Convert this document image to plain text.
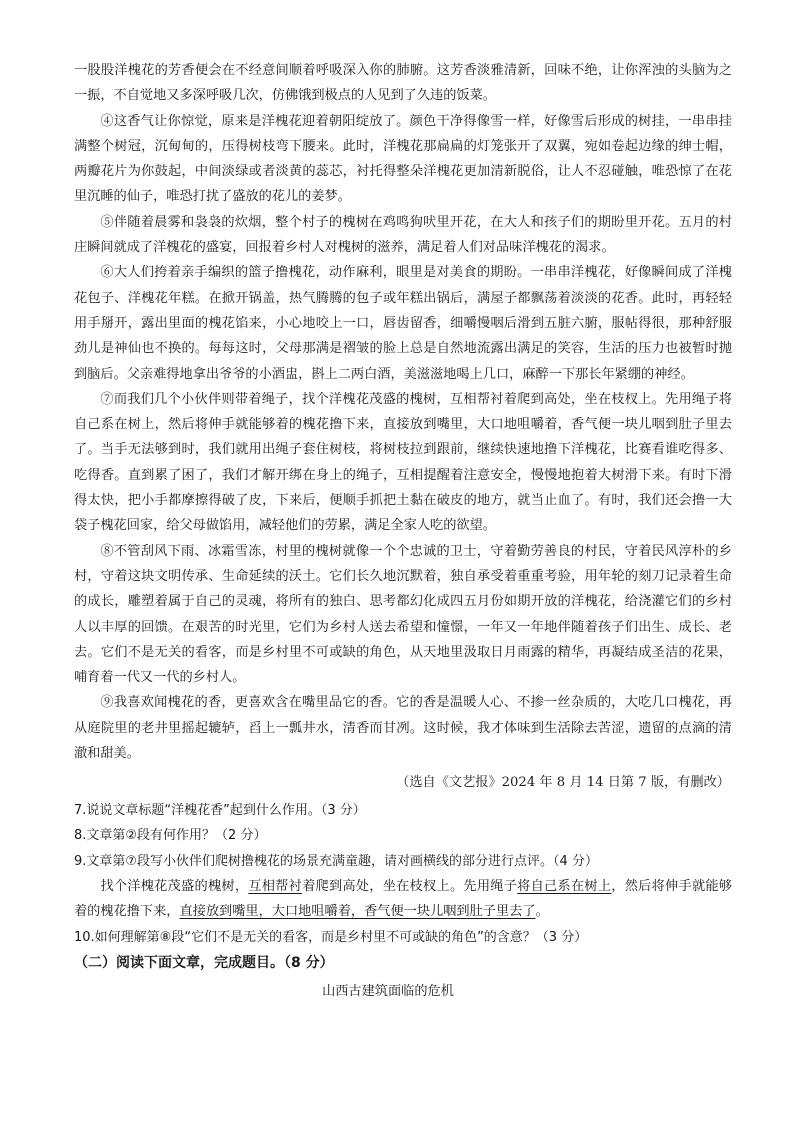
一股股洋槐花的芳香便会在不经意间顺着呼吸深入你的肺腑。这芳香淡雅清新，回味不绝，让你浑浊的头脑为之一振，不自觉地又多深呼吸几次，仿佛饿到极点的人见到了久违的饭菜。

④这香气让你惊觉，原来是洋槐花迎着朝阳绽放了。颜色干净得像雪一样，好像雪后形成的树挂，一串串挂满整个树冠，沉甸甸的，压得树枝弯下腰来。此时，洋槐花那扁扁的灯笼张开了双翼，宛如卷起边缘的绅士帽，两瓣花片为你鼓起，中间淡绿或者淡黄的蕊芯，衬托得整朵洋槐花更加清新脱俗，让人不忍碰触，唯恐惊了在花里沉睡的仙子，唯恐打扰了盛放的花儿的姜梦。

⑤伴随着晨雾和袅袅的炊烟，整个村子的槐树在鸡鸣狗吠里开花，在大人和孩子们的期盼里开花。五月的村庄瞬间就成了洋槐花的盛宴，回报着乡村人对槐树的滋养，满足着人们对品味洋槐花的渴求。

⑥大人们挎着亲手编织的篮子撸槐花，动作麻利，眼里是对美食的期盼。一串串洋槐花，好像瞬间成了洋槐花包子、洋槐花年糕。在掀开锅盖，热气腾腾的包子或年糕出锅后，满屋子都飘荡着淡淡的花香。此时，再轻轻用手掰开，露出里面的槐花馅来，小心地咬上一口，唇齿留香，细嚼慢咽后滑到五脏六腑，服帖得很，那种舒服劲儿是神仙也不换的。每每这时，父母那满是褶皱的脸上总是自然地流露出满足的笑容，生活的压力也被暂时抛到脑后。父亲难得地拿出爷爷的小酒盅，斟上二两白酒，美滋滋地喝上几口，麻醉一下那长年紧绷的神经。

⑦而我们几个小伙伴则带着绳子，找个洋槐花茂盛的槐树，互相帮衬着爬到高处，坐在枝杈上。先用绳子将自己系在树上，然后将伸手就能够着的槐花撸下来，直接放到嘴里，大口地咀嚼着，香气便一块儿咽到肚子里去了。当手无法够到时，我们就用出绳子套住树枝，将树枝拉到跟前，继续快速地撸下洋槐花，比赛看谁吃得多、吃得香。直到累了困了，我们才解开绑在身上的绳子，互相提醒着注意安全，慢慢地抱着大树滑下来。有时下滑得太快，把小手都摩擦得破了皮，下来后，便顺手抓把土黏在破皮的地方，就当止血了。有时，我们还会撸一大袋子槐花回家，给父母做馅用，减轻他们的劳累，满足全家人吃的欲望。

⑧不管刮风下雨、冰霜雪冻，村里的槐树就像一个个忠诚的卫士，守着勤劳善良的村民，守着民风淳朴的乡村，守着这块文明传承、生命延续的沃土。它们长久地沉默着，独自承受着重重考验，用年轮的刻刀记录着生命的成长，雕塑着属于自己的灵魂，将所有的独白、思考都幻化成四五月份如期开放的洋槐花，给浇灌它们的乡村人以丰厚的回馈。在艰苦的时光里，它们为乡村人送去希望和憧憬，一年又一年地伴随着孩子们出生、成长、老去。它们不是无关的看客，而是乡村里不可或缺的角色，从天地里汲取日月雨露的精华，再凝结成圣洁的花果，哺育着一代又一代的乡村人。

⑨我喜欢闻槐花的香，更喜欢含在嘴里品它的香。它的香是温暖人心、不掺一丝杂质的，大吃几口槐花，再从庭院里的老井里摇起辘轳，舀上一瓢井水，清香而甘冽。这时候，我才体味到生活除去苦涩，遗留的点滴的清澈和甜美。

（选自《文艺报》2024 年 8 月 14 日第 7 版，有删改）

7.说说文章标题“洋槐花香”起到什么作用。（3 分）

8.文章第②段有何作用？（2 分）

9.文章第⑦段写小伙伴们爬树撸槐花的场景充满童趣，请对画横线的部分进行点评。（4 分）

找个洋槐花茂盛的槐树，互相帮衬着爬到高处，坐在枝杈上。先用绳子将自己系在树上，然后将伸手就能够着的槐花撸下来，直接放到嘴里，大口地咀嚼着，香气便一块儿咽到肚子里去了。

10.如何理解第⑧段“它们不是无关的看客，而是乡村里不可或缺的角色”的含意？（3 分）

（二）阅读下面文章，完成题目。（8 分）

山西古建筑面临的危机
